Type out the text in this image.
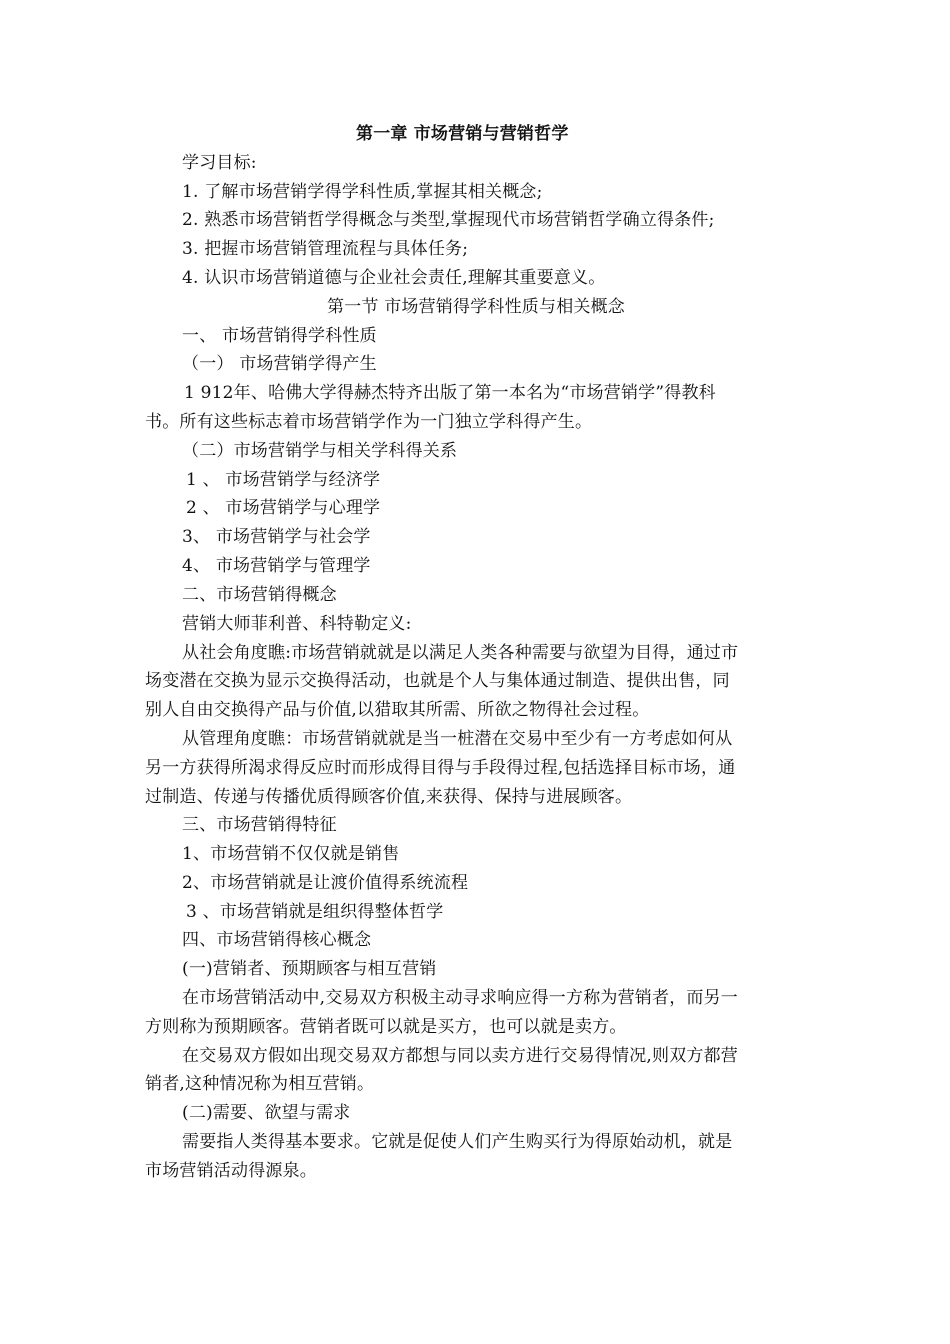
第一章 市场营销与营销哲学
学习目标:
1. 了解市场营销学得学科性质,掌握其相关概念;
2. 熟悉市场营销哲学得概念与类型,掌握现代市场营销哲学确立得条件;
3. 把握市场营销管理流程与具体任务;
4. 认识市场营销道德与企业社会责任,理解其重要意义。
第一节 市场营销得学科性质与相关概念
一、 市场营销得学科性质
（一） 市场营销学得产生
1 912年、哈佛大学得赫杰特齐出版了第一本名为“市场营销学”得教科
书。所有这些标志着市场营销学作为一门独立学科得产生。
（二）市场营销学与相关学科得关系
1 、 市场营销学与经济学
2 、 市场营销学与心理学
3、 市场营销学与社会学
4、 市场营销学与管理学
二、市场营销得概念
营销大师菲利普、科特勒定义:
从社会角度瞧:市场营销就就是以满足人类各种需要与欲望为目得，通过市
场变潜在交换为显示交换得活动，也就是个人与集体通过制造、提供出售，同
别人自由交换得产品与价值,以猎取其所需、所欲之物得社会过程。
从管理角度瞧：市场营销就就是当一桩潜在交易中至少有一方考虑如何从
另一方获得所渴求得反应时而形成得目得与手段得过程,包括选择目标市场，通
过制造、传递与传播优质得顾客价值,来获得、保持与进展顾客。
三、市场营销得特征
1、市场营销不仅仅就是销售
2、市场营销就是让渡价值得系统流程
3 、市场营销就是组织得整体哲学
四、市场营销得核心概念
(一)营销者、预期顾客与相互营销
在市场营销活动中,交易双方积极主动寻求响应得一方称为营销者，而另一
方则称为预期顾客。营销者既可以就是买方，也可以就是卖方。
在交易双方假如出现交易双方都想与同以卖方进行交易得情况,则双方都营
销者,这种情况称为相互营销。
(二)需要、欲望与需求
需要指人类得基本要求。它就是促使人们产生购买行为得原始动机，就是
市场营销活动得源泉。
